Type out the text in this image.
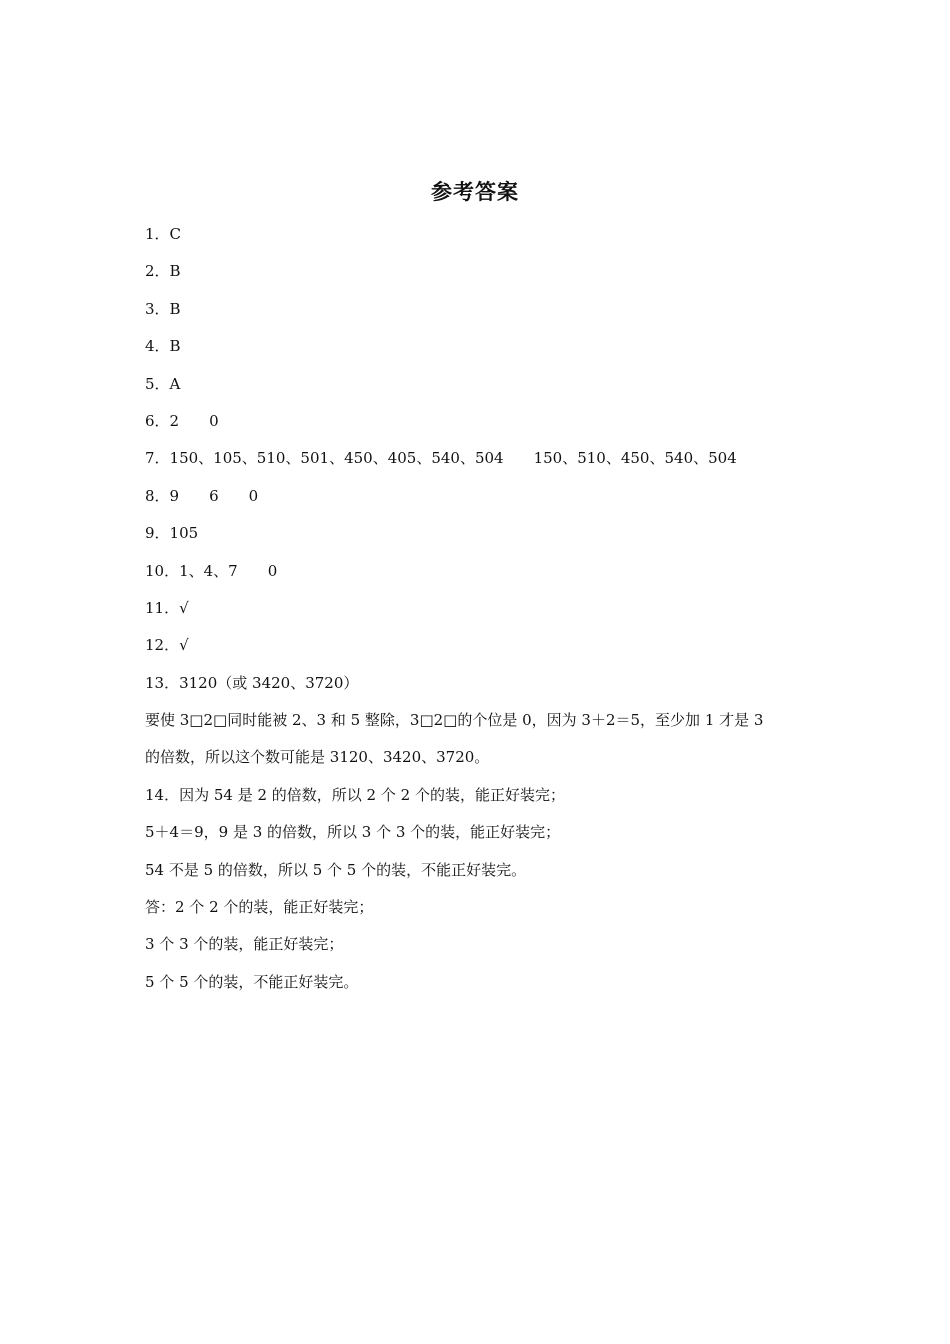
参考答案
1．C
2．B
3．B
4．B
5．A
6．2　　0
7．150、105、510、501、450、405、540、504　　150、510、450、540、504
8．9　　6　　0
9．105
10．1、4、7　　0
11．√
12．√
13．3120（或 3420、3720）
要使 3□2□同时能被 2、3 和 5 整除，3□2□的个位是 0，因为 3＋2＝5，至少加 1 才是 3
的倍数，所以这个数可能是 3120、3420、3720。
14．因为 54 是 2 的倍数，所以 2 个 2 个的装，能正好装完；
5＋4＝9，9 是 3 的倍数，所以 3 个 3 个的装，能正好装完；
54 不是 5 的倍数，所以 5 个 5 个的装，不能正好装完。
答：2 个 2 个的装，能正好装完；
3 个 3 个的装，能正好装完；
5 个 5 个的装，不能正好装完。
